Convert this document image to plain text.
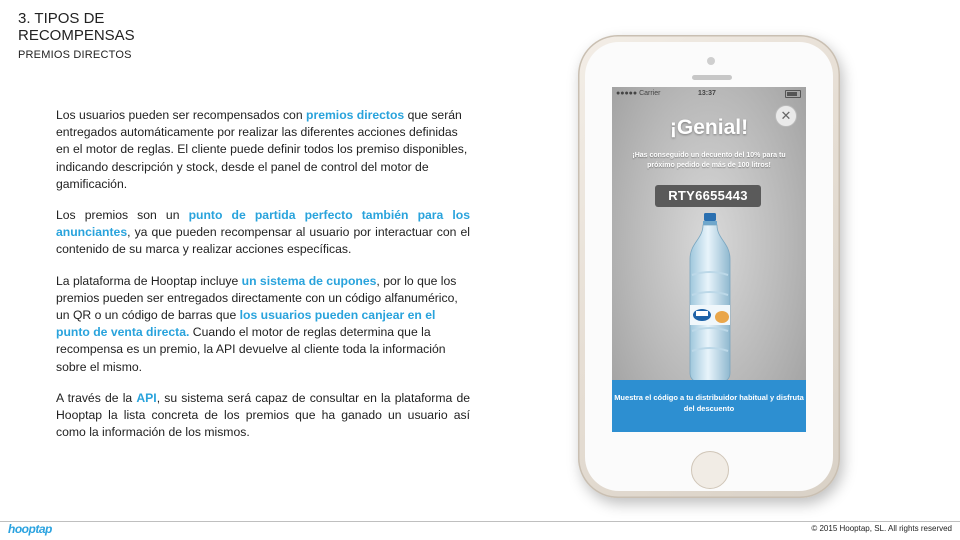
3. TIPOS DE RECOMPENSAS
PREMIOS DIRECTOS

Los usuarios pueden ser recompensados con premios directos que serán entregados automáticamente por realizar las diferentes acciones definidas en el motor de reglas. El cliente puede definir todos los premiso disponibles, indicando descripción y stock, desde el panel de control del motor de gamificación.

Los premios son un punto de partida perfecto también para los anunciantes, ya que pueden recompensar al usuario por interactuar con el contenido de su marca y realizar acciones específicas.

La plataforma de Hooptap incluye un sistema de cupones, por lo que los premios pueden ser entregados directamente con un código alfanumérico, un QR o un código de barras que los usuarios pueden canjear en el punto de venta directa. Cuando el motor de reglas determina que la recompensa es un premio, la API devuelve al cliente toda la información sobre el mismo.

A través de la API, su sistema será capaz de consultar en la plataforma de Hooptap la lista concreta de los premios que ha ganado un usuario así como la información de los mismos.

●●●●● Carrier	13:37
✕
¡Genial!
¡Has conseguido un decuento del 10% para tu próximo pedido de más de 100 litros!
RTY6655443
Muestra el código a tu distribuidor habitual y disfruta del descuento
hooptap	© 2015 Hooptap, SL. All rights reserved
